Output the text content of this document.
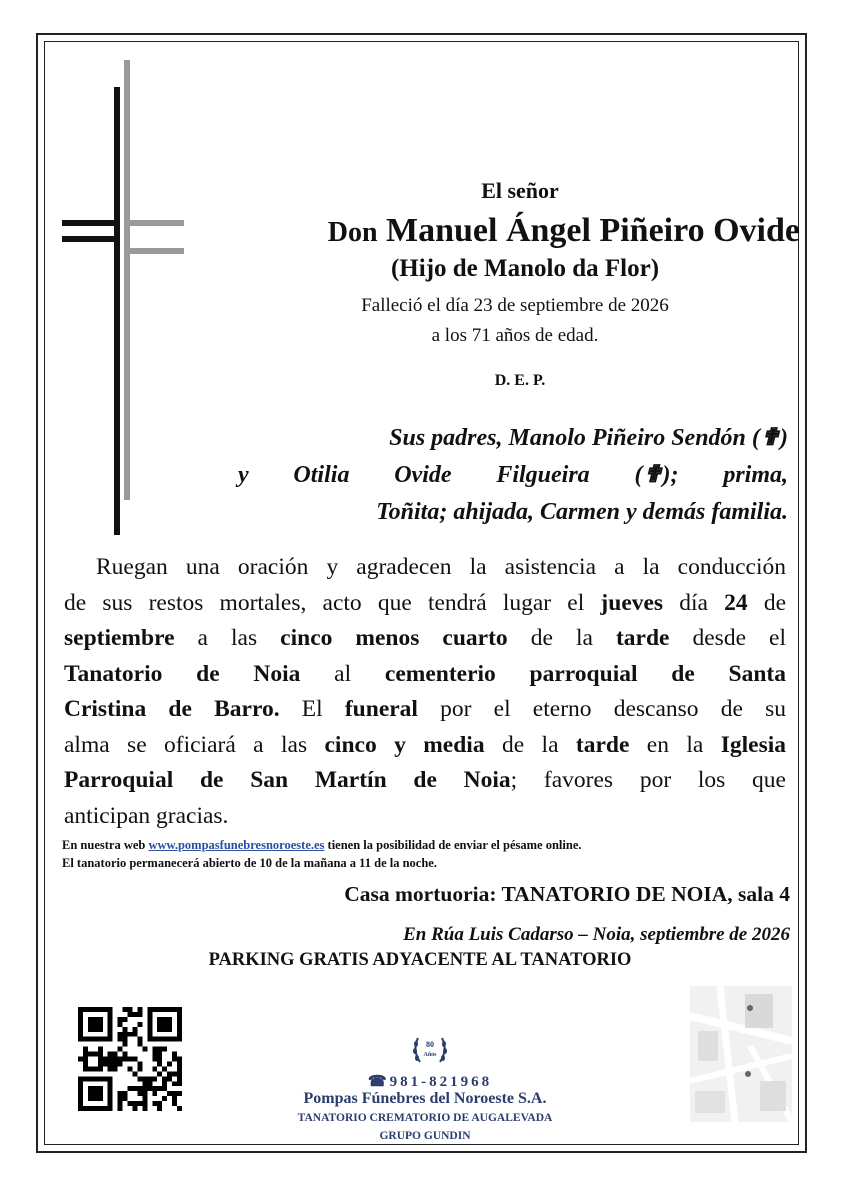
El señor
Don Manuel Ángel Piñeiro Ovide
(Hijo de Manolo da Flor)
Falleció el día 23 de septiembre de 2026
a los 71 años de edad.
D. E. P.
Sus padres, Manolo Piñeiro Sendón (✟)
y Otilia Ovide Filgueira (✟); prima,
Toñita; ahijada, Carmen y demás familia.
Ruegan una oración y agradecen la asistencia a la conducción
de sus restos mortales, acto que tendrá lugar el jueves día 24 de
septiembre a las cinco menos cuarto de la tarde desde el
Tanatorio de Noia al cementerio parroquial de Santa
Cristina de Barro. El funeral por el eterno descanso de su
alma se oficiará a las cinco y media de la tarde en la Iglesia
Parroquial de San Martín de Noia; favores por los que
anticipan gracias.
En nuestra web www.pompasfunebresnoroeste.es tienen la posibilidad de enviar el pésame online.
El tanatorio permanecerá abierto de 10 de la mañana a 11 de la noche.
Casa mortuoria: TANATORIO DE NOIA, sala 4
En Rúa Luis Cadarso – Noia, septiembre de 2026
PARKING GRATIS ADYACENTE AL TANATORIO
80
Años
☎981-821968
Pompas Fúnebres del Noroeste S.A.
TANATORIO CREMATORIO DE AUGALEVADA
GRUPO GUNDIN
